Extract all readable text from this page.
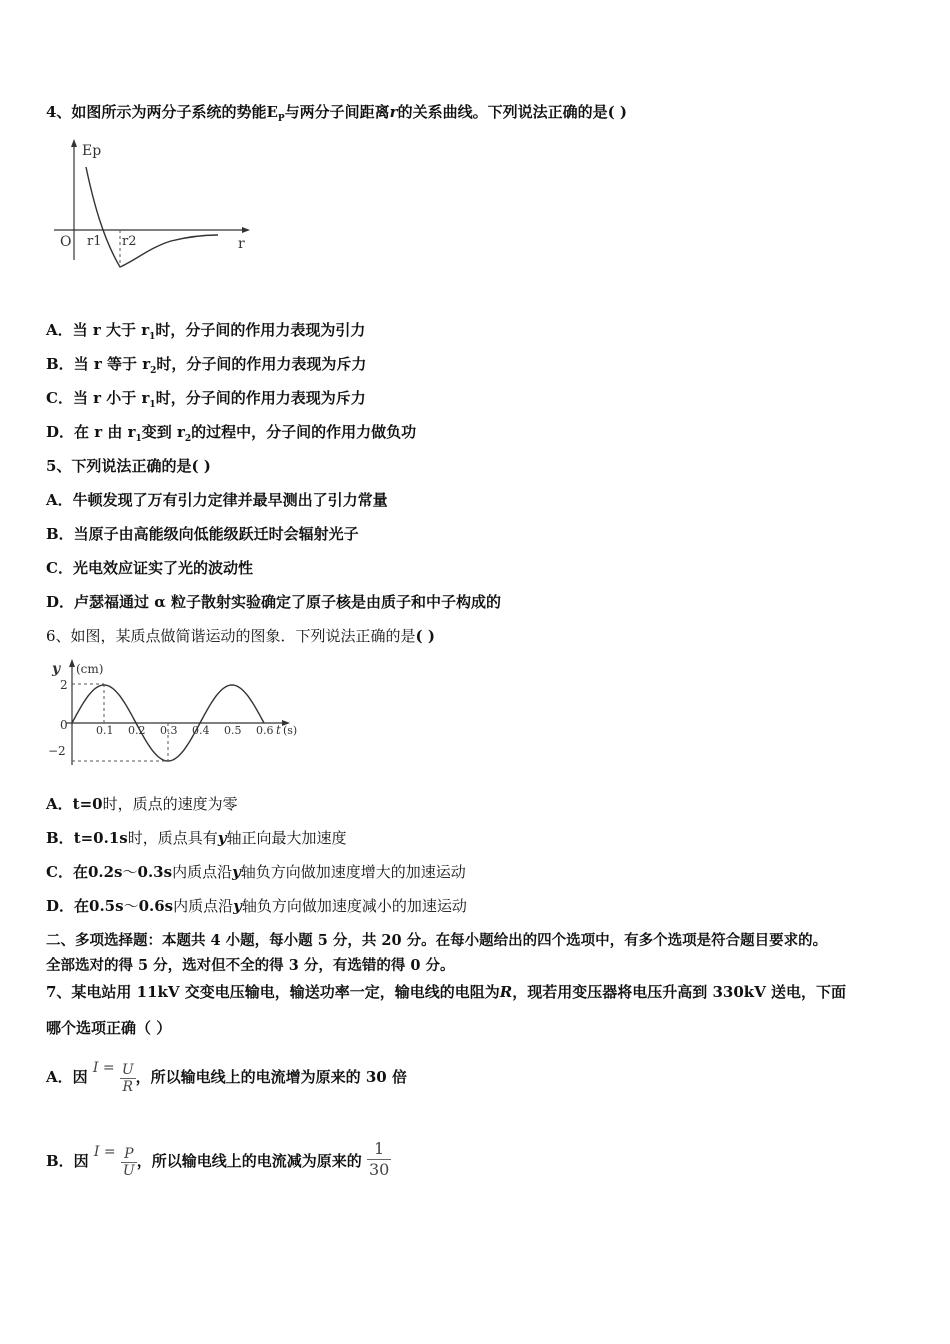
4、如图所示为两分子系统的势能$E_P$与两分子间距离r的关系曲线。下列说法正确的是( )
Ep
O r1 r2	r
A．当 r 大于 $r_1$时，分子间的作用力表现为引力
B．当 r 等于 $r_2$时，分子间的作用力表现为斥力
C．当 r 小于 $r_1$时，分子间的作用力表现为斥力
D．在 r 由 $r_1$变到 $r_2$的过程中，分子间的作用力做负功
5、下列说法正确的是( )
A．牛顿发现了万有引力定律并最早测出了引力常量
B．当原子由高能级向低能级跃迁时会辐射光子
C．光电效应证实了光的波动性
D．卢瑟福通过 α 粒子散射实验确定了原子核是由质子和中子构成的
6、如图，某质点做简谐运动的图象．下列说法正确的是( )
y (cm)
2
0
−2
0.1 0.2 0.3 0.4 0.5 0.6 t (s)
A．t=0时，质点的速度为零
B．t=0.1s时，质点具有y轴正向最大加速度
C．在0.2s～0.3s内质点沿y轴负方向做加速度增大的加速运动
D．在0.5s～0.6s内质点沿y轴负方向做加速度减小的加速运动
二、多项选择题：本题共 4 小题，每小题 5 分，共 20 分。在每小题给出的四个选项中，有多个选项是符合题目要求的。
全部选对的得 5 分，选对但不全的得 3 分，有选错的得 0 分。
7、某电站用 11kV 交变电压输电，输送功率一定，输电线的电阻为R，现若用变压器将电压升高到 330kV 送电，下面
哪个选项正确（ ）
A．因 $I = \frac{U}{R}$ ，所以输电线上的电流增为原来的 30 倍
B．因 $I = \frac{P}{U}$ ，所以输电线上的电流减为原来的 $\frac{1}{30}$
